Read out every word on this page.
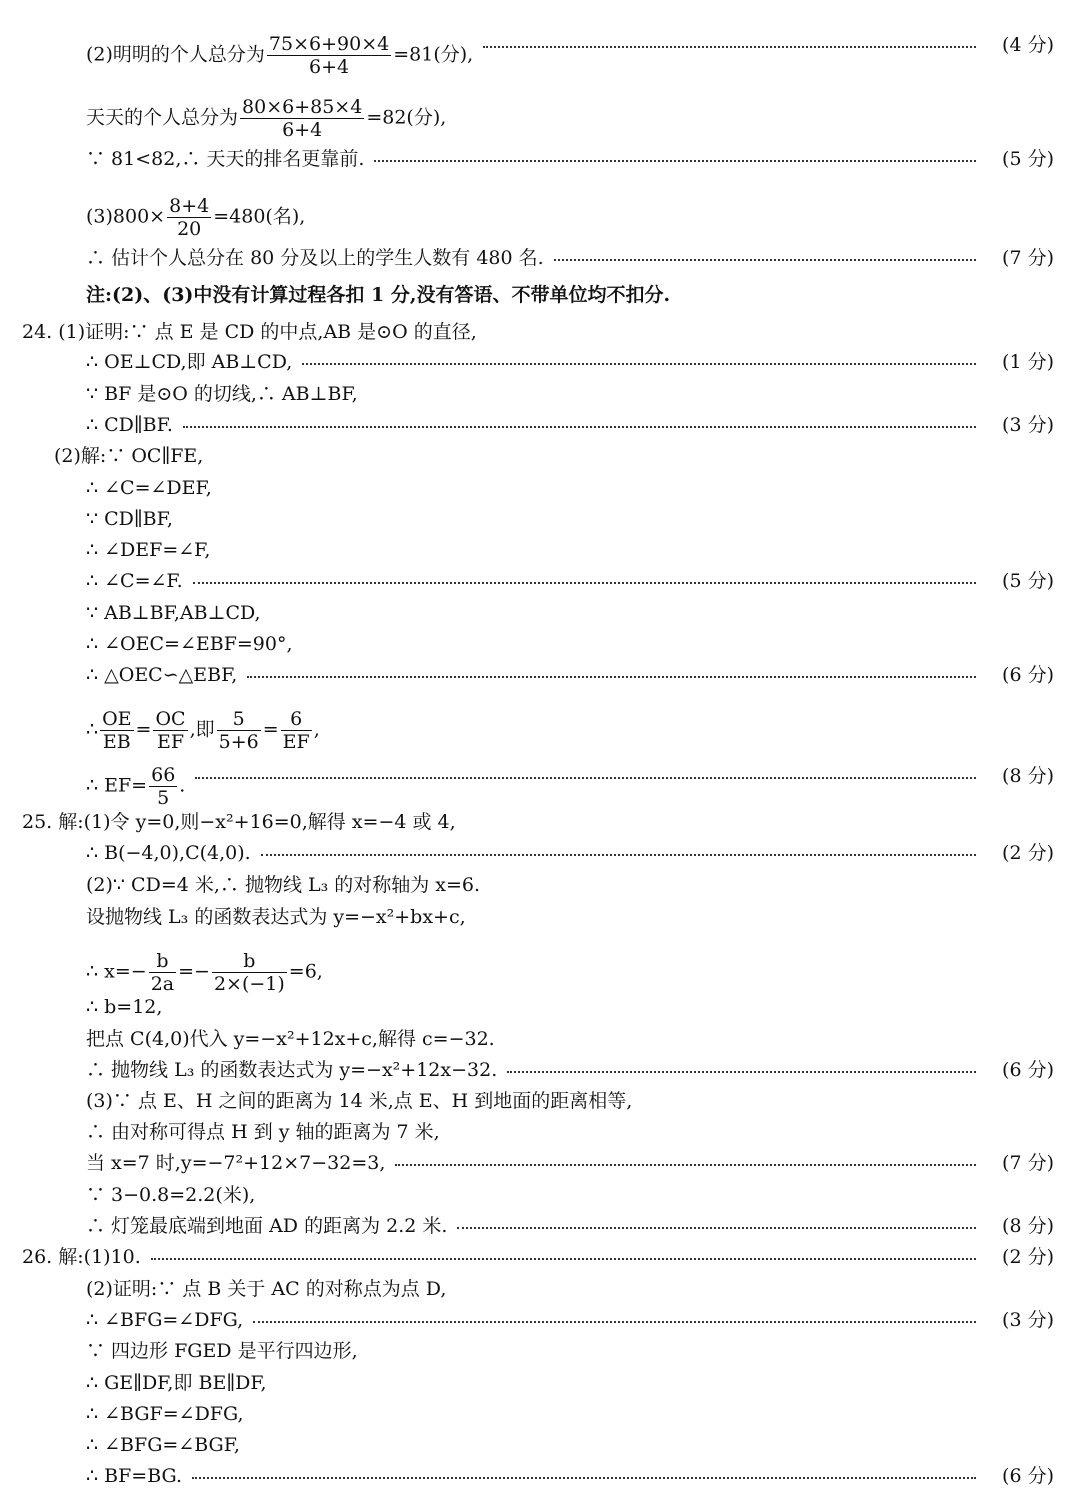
(2)明明的个人总分为 $\frac{75\times 6+90\times 4}{6+4} =81$(分),	(4 分)
天天的个人总分为 $\frac{80\times 6+85\times 4}{6+4} =82$(分),
∵ 81<82,∴ 天天的排名更靠前.	(5 分)
$(3)800\times \frac{8+4}{20} =480$(名),
∴ 估计个人总分在 80 分及以上的学生人数有 480 名.	(7 分)
注:(2)、(3)中没有计算过程各扣 1 分,没有答语、不带单位均不扣分.
24. (1)证明:∵ 点 E 是 CD 的中点,AB 是⊙O 的直径,
∴ OE⊥CD,即 AB⊥CD,	(1 分)
∵ BF 是⊙O 的切线,∴ AB⊥BF,
∴ CD∥BF.	(3 分)
(2)解:∵ OC∥FE,
∴ ∠C=∠DEF,
∵ CD∥BF,
∴ ∠DEF=∠F,
∴ ∠C=∠F.	(5 分)
∵ AB⊥BF,AB⊥CD,
∴ ∠OEC=∠EBF=90°,
∴ △OEC∽△EBF,	(6 分)
∴ $\frac{OE}{EB} = \frac{OC}{EF}$ ,即 $\frac{5}{5+6} = \frac{6}{EF}$ ,
∴ $EF= \frac{66}{5}$ .	(8 分)
25. 解:(1)令 y=0,则−x²+16=0,解得 x=−4 或 4,
∴ B(−4,0),C(4,0).	(2 分)
(2)∵ CD=4 米,∴ 抛物线 L₃ 的对称轴为 x=6.
设抛物线 L₃ 的函数表达式为 y=−x²+bx+c,
∴ $x=- \frac{b}{2a} =- \frac{b}{2\times(-1)} =6$,
∴ b=12,
把点 C(4,0)代入 y=−x²+12x+c,解得 c=−32.
∴ 抛物线 L₃ 的函数表达式为 y=−x²+12x−32.	(6 分)
(3)∵ 点 E、H 之间的距离为 14 米,点 E、H 到地面的距离相等,
∴ 由对称可得点 H 到 y 轴的距离为 7 米,
当 x=7 时,y=−7²+12×7−32=3,	(7 分)
∵ 3−0.8=2.2(米),
∴ 灯笼最底端到地面 AD 的距离为 2.2 米.	(8 分)
26. 解:(1)10.	(2 分)
(2)证明:∵ 点 B 关于 AC 的对称点为点 D,
∴ ∠BFG=∠DFG,	(3 分)
∵ 四边形 FGED 是平行四边形,
∴ GE∥DF,即 BE∥DF,
∴ ∠BGF=∠DFG,
∴ ∠BFG=∠BGF,
∴ BF=BG.	(6 分)
